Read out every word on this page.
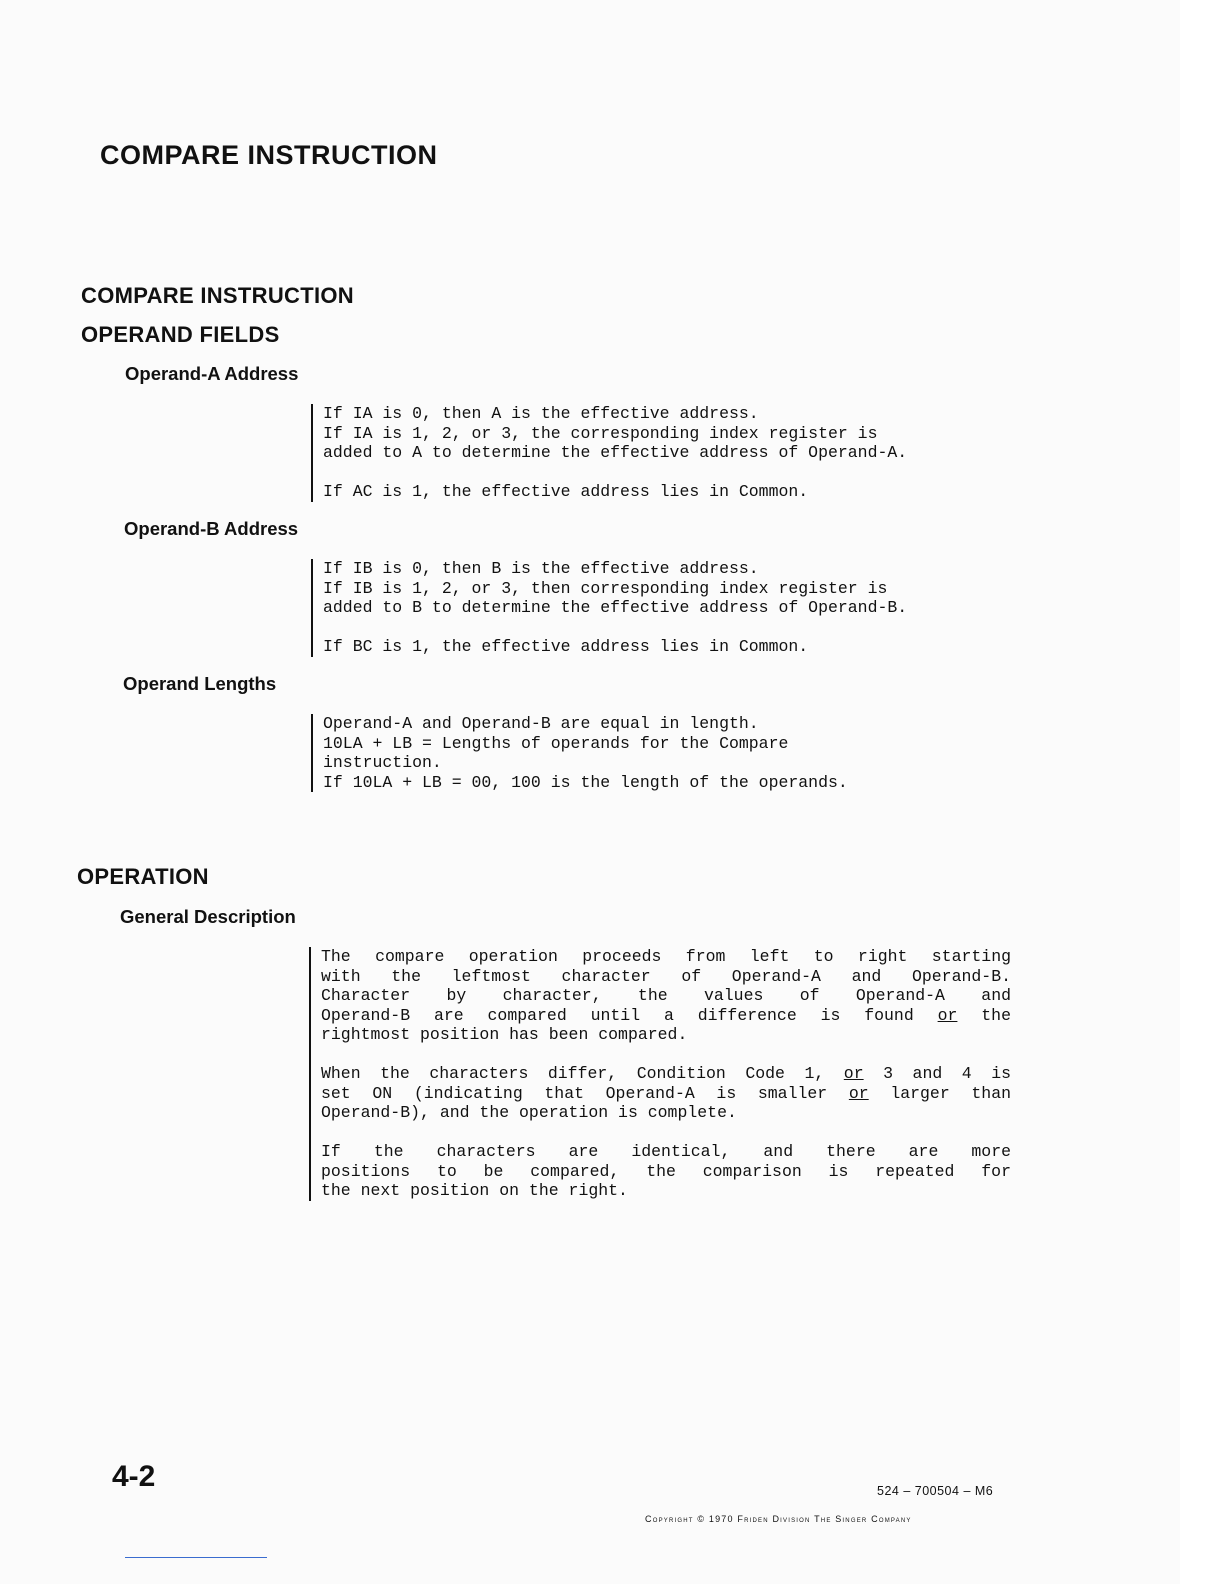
COMPARE INSTRUCTION
COMPARE INSTRUCTION
OPERAND FIELDS
Operand-A Address

If IA is 0, then A is the effective address.

If IA is 1, 2, or 3, the corresponding index register is

added to A to determine the effective address of Operand-A.

If AC is 1, the effective address lies in Common.

Operand-B Address

If IB is 0, then B is the effective address.

If IB is 1, 2, or 3, then corresponding index register is

added to B to determine the effective address of Operand-B.

If BC is 1, the effective address lies in Common.

Operand Lengths

Operand-A and Operand-B are equal in length.

10LA + LB = Lengths of operands for the Compare

instruction.

If 10LA + LB = 00, 100 is the length of the operands.

OPERATION
General Description

The compare operation proceeds from left to right starting

with the leftmost character of Operand-A and Operand-B.

Character by character, the values of Operand-A and

Operand-B are compared until a difference is found or the

rightmost position has been compared.

When the characters differ, Condition Code 1, or 3 and 4 is

set ON (indicating that Operand-A is smaller or larger than

Operand-B), and the operation is complete.

If the characters are identical, and there are more

positions to be compared, the comparison is repeated for

the next position on the right.

4-2	524 – 700504 – M6

Copyright © 1970 Friden Division The Singer Company
